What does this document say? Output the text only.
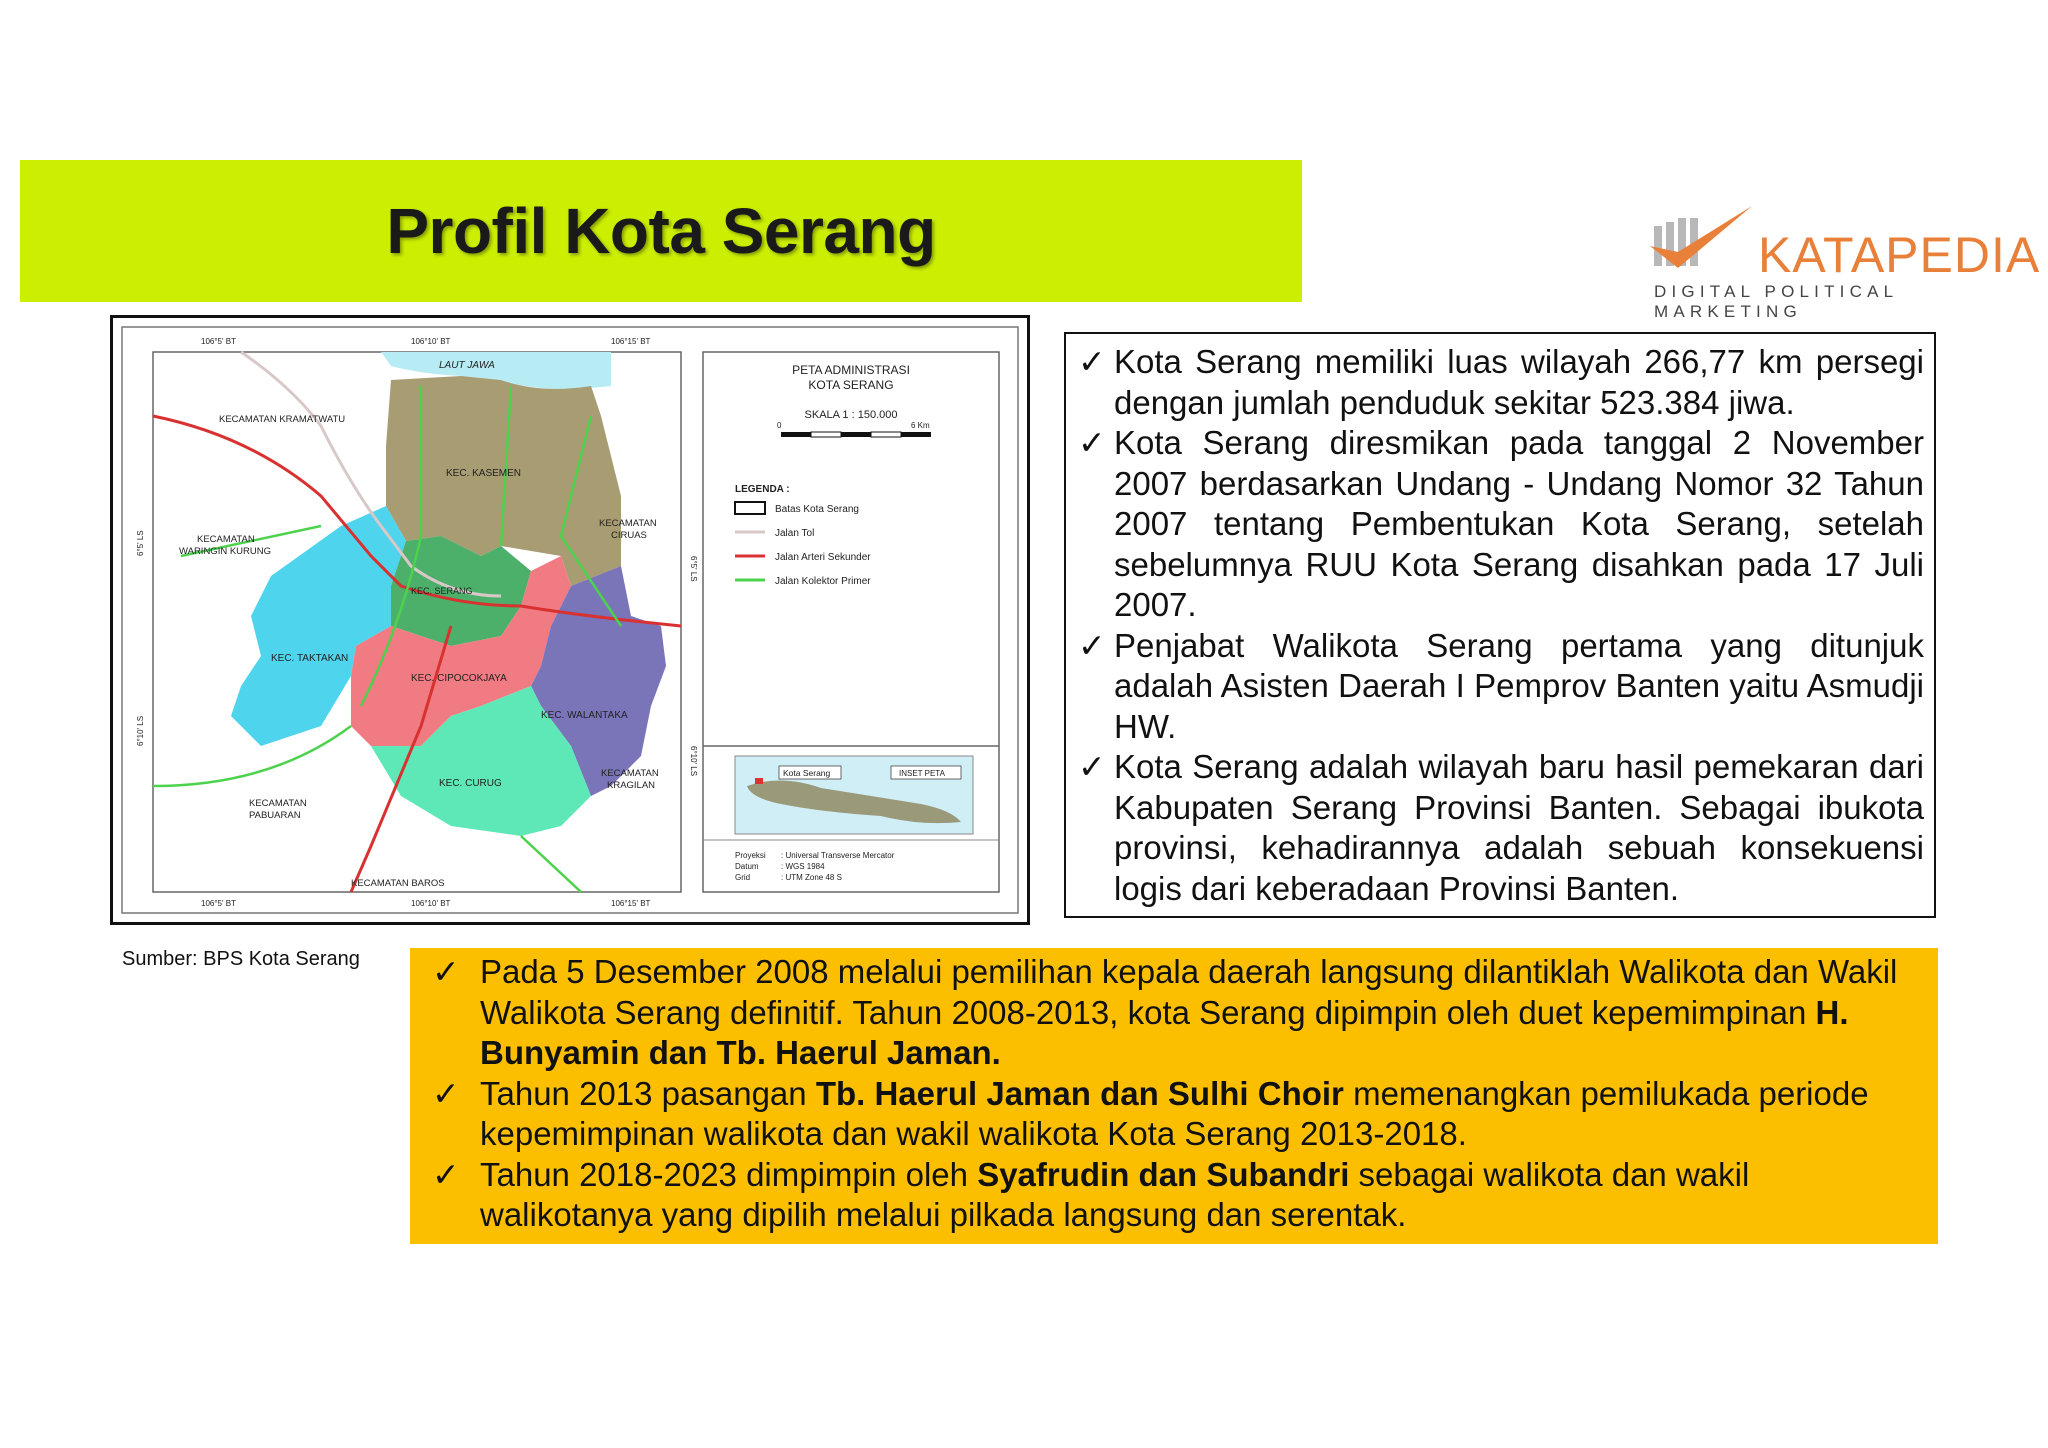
Profil Kota Serang	KATAPEDIA
DIGITAL POLITICAL MARKETING
LAUT JAWA
KEC. KASEMEN
KEC. SERANG
KEC. TAKTAKAN
KEC. CIPOCOKJAYA
KEC. WALANTAKA
KEC. CURUG
KECAMATAN KRAMATWATU
KECAMATAN
WARINGIN KURUNG
KECAMATAN
CIRUAS
KECAMATAN
KRAGILAN
KECAMATAN
PABUARAN
KECAMATAN BAROS
106°5' BT	106°10' BT	106°15' BT
106°5' BT	106°10' BT	106°15' BT
6°5' LS
6°10' LS
6°5' LS
6°10' LS
PETA ADMINISTRASI
KOTA SERANG
SKALA 1 : 150.000
0	6 Km
LEGENDA :
Batas Kota Serang
Jalan Tol
Jalan Arteri Sekunder
Jalan Kolektor Primer
Kota Serang	INSET PETA
Proyeksi : Universal Transverse Mercator
Datum	: WGS 1984
Grid	: UTM Zone 48 S
Sumber: BPS Kota Serang
✓ Kota Serang memiliki luas wilayah 266,77 km persegi dengan jumlah penduduk sekitar 523.384 jiwa.
✓ Kota Serang diresmikan pada tanggal 2 November 2007 berdasarkan Undang - Undang Nomor 32 Tahun 2007 tentang Pembentukan Kota Serang, setelah sebelumnya RUU Kota Serang disahkan pada 17 Juli 2007.
✓ Penjabat Walikota Serang pertama yang ditunjuk adalah Asisten Daerah I Pemprov Banten yaitu Asmudji HW.
✓ Kota Serang adalah wilayah baru hasil pemekaran dari Kabupaten Serang Provinsi Banten. Sebagai ibukota provinsi, kehadirannya adalah sebuah konsekuensi logis dari keberadaan Provinsi Banten.
✓ Pada 5 Desember 2008 melalui pemilihan kepala daerah langsung dilantiklah Walikota dan Wakil Walikota Serang definitif. Tahun 2008-2013, kota Serang dipimpin oleh duet kepemimpinan H. Bunyamin dan Tb. Haerul Jaman.
✓ Tahun 2013 pasangan Tb. Haerul Jaman dan Sulhi Choir memenangkan pemilukada periode kepemimpinan walikota dan wakil walikota Kota Serang 2013-2018.
✓ Tahun 2018-2023 dimpimpin oleh Syafrudin dan Subandri sebagai walikota dan wakil walikotanya yang dipilih melalui pilkada langsung dan serentak.
